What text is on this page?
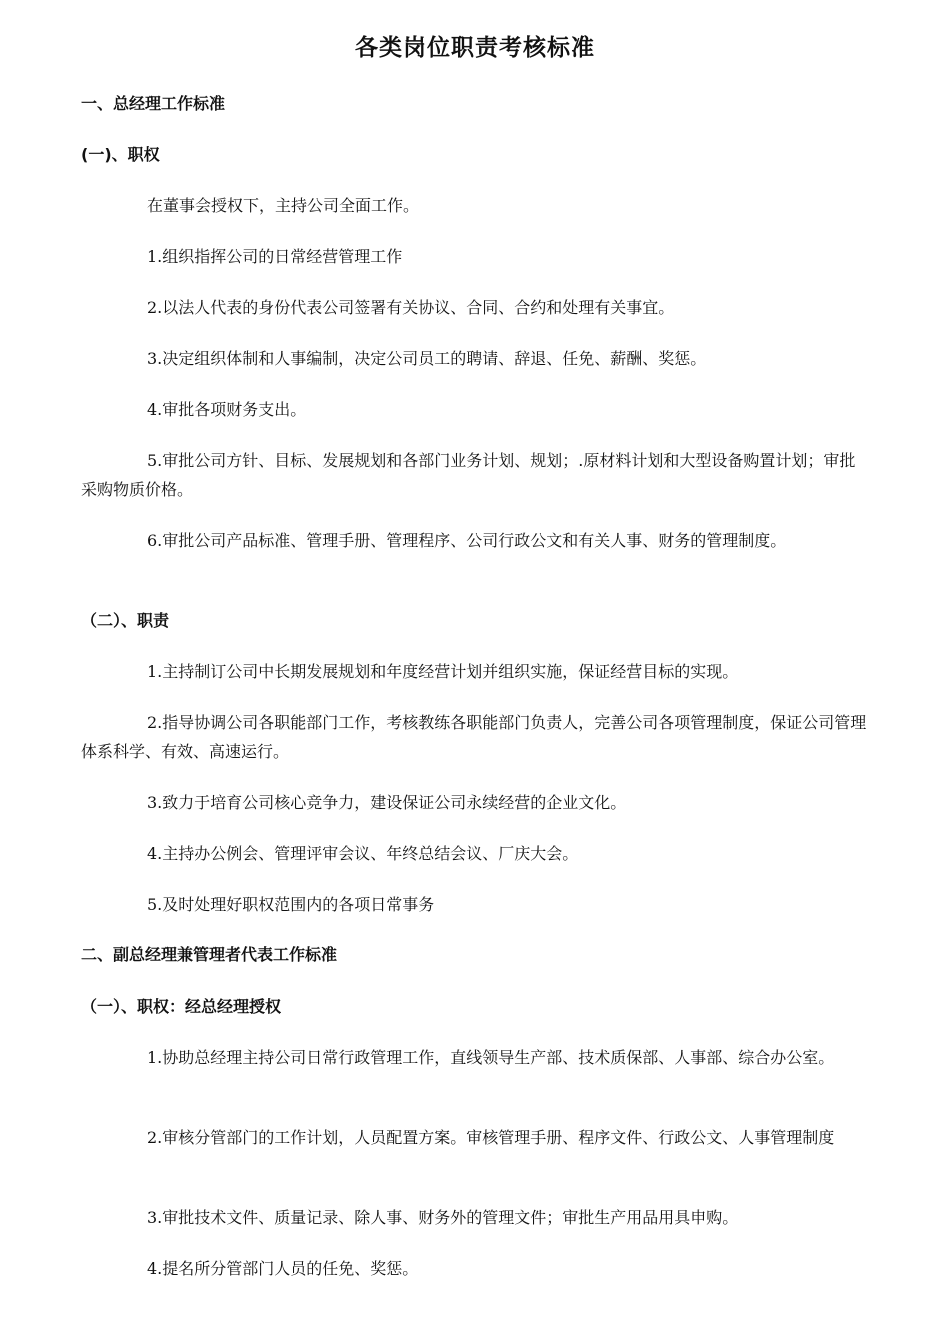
各类岗位职责考核标准
一、总经理工作标准
(一)、职权
在董事会授权下，主持公司全面工作。
1.组织指挥公司的日常经营管理工作
2.以法人代表的身份代表公司签署有关协议、合同、合约和处理有关事宜。
3.决定组织体制和人事编制，决定公司员工的聘请、辞退、任免、薪酬、奖惩。
4.审批各项财务支出。
5.审批公司方针、目标、发展规划和各部门业务计划、规划；.原材料计划和大型设备购置计划；审批采购物质价格。
6.审批公司产品标准、管理手册、管理程序、公司行政公文和有关人事、财务的管理制度。
（二）、职责
1.主持制订公司中长期发展规划和年度经营计划并组织实施，保证经营目标的实现。
2.指导协调公司各职能部门工作，考核教练各职能部门负责人，完善公司各项管理制度，保证公司管理体系科学、有效、高速运行。
3.致力于培育公司核心竞争力，建设保证公司永续经营的企业文化。
4.主持办公例会、管理评审会议、年终总结会议、厂庆大会。
5.及时处理好职权范围内的各项日常事务
二、副总经理兼管理者代表工作标准
（一）、职权：经总经理授权
1.协助总经理主持公司日常行政管理工作，直线领导生产部、技术质保部、人事部、综合办公室。
2.审核分管部门的工作计划，人员配置方案。审核管理手册、程序文件、行政公文、人事管理制度
3.审批技术文件、质量记录、除人事、财务外的管理文件；审批生产用品用具申购。
4.提名所分管部门人员的任免、奖惩。
